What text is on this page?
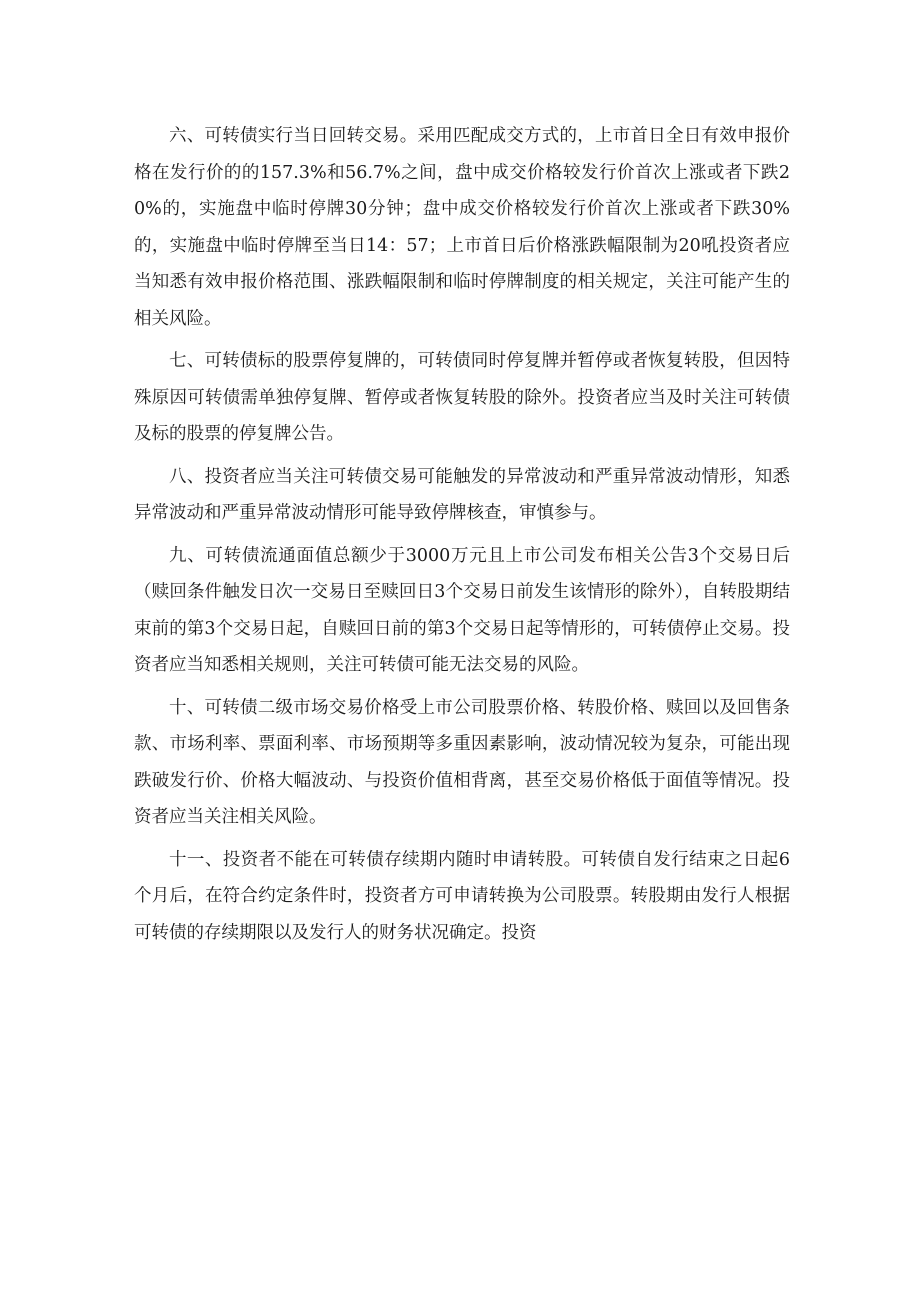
六、可转债实行当日回转交易。采用匹配成交方式的，上市首日全日有效申报价格在发行价的的157.3%和56.7%之间，盘中成交价格较发行价首次上涨或者下跌20%的，实施盘中临时停牌30分钟；盘中成交价格较发行价首次上涨或者下跌30%的，实施盘中临时停牌至当日14：57；上市首日后价格涨跌幅限制为20吼投资者应当知悉有效申报价格范围、涨跌幅限制和临时停牌制度的相关规定，关注可能产生的相关风险。

七、可转债标的股票停复牌的，可转债同时停复牌并暂停或者恢复转股，但因特殊原因可转债需单独停复牌、暂停或者恢复转股的除外。投资者应当及时关注可转债及标的股票的停复牌公告。

八、投资者应当关注可转债交易可能触发的异常波动和严重异常波动情形，知悉异常波动和严重异常波动情形可能导致停牌核查，审慎参与。

九、可转债流通面值总额少于3000万元且上市公司发布相关公告3个交易日后（赎回条件触发日次一交易日至赎回日3个交易日前发生该情形的除外），自转股期结束前的第3个交易日起，自赎回日前的第3个交易日起等情形的，可转债停止交易。投资者应当知悉相关规则，关注可转债可能无法交易的风险。

十、可转债二级市场交易价格受上市公司股票价格、转股价格、赎回以及回售条款、市场利率、票面利率、市场预期等多重因素影响，波动情况较为复杂，可能出现跌破发行价、价格大幅波动、与投资价值相背离，甚至交易价格低于面值等情况。投资者应当关注相关风险。

十一、投资者不能在可转债存续期内随时申请转股。可转债自发行结束之日起6个月后，在符合约定条件时，投资者方可申请转换为公司股票。转股期由发行人根据可转债的存续期限以及发行人的财务状况确定。投资
